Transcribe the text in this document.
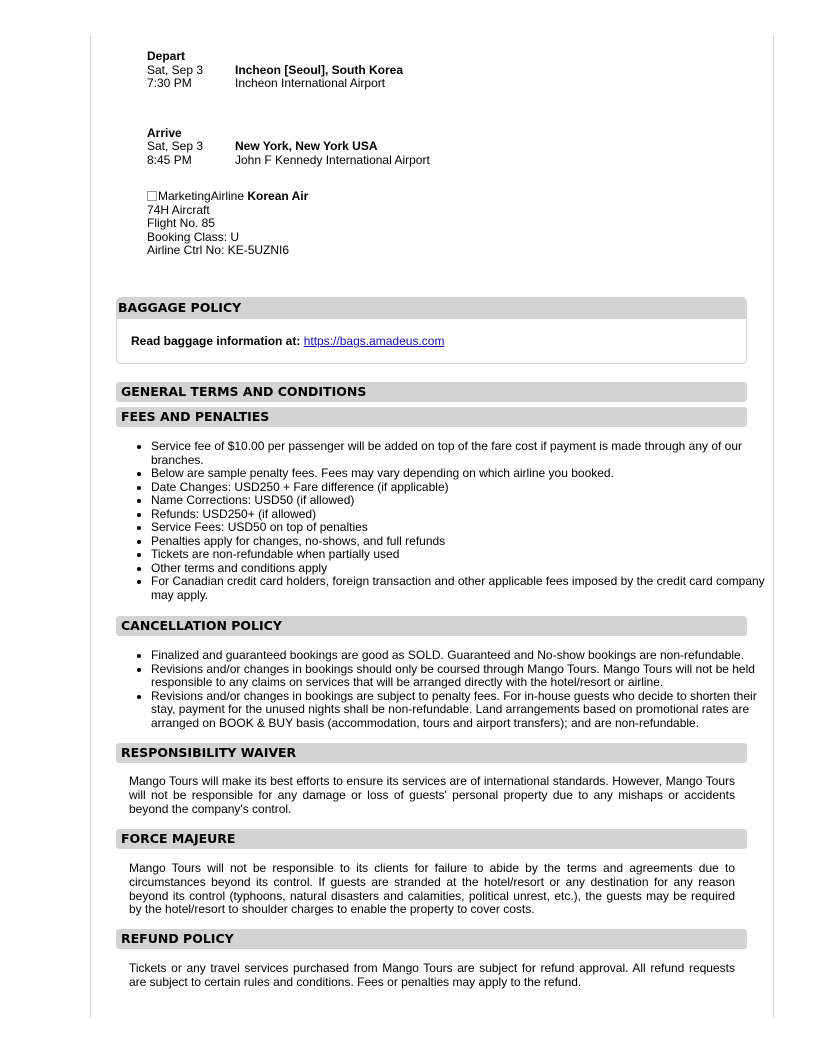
Depart
Sat, Sep 3
7:30 PM
Incheon [Seoul], South Korea
Incheon International Airport
Arrive
Sat, Sep 3
8:45 PM
New York, New York USA
John F Kennedy International Airport
MarketingAirline Korean Air
74H Aircraft
Flight No. 85
Booking Class: U
Airline Ctrl No: KE-5UZNI6
BAGGAGE POLICY
Read baggage information at: https://bags.amadeus.com
GENERAL TERMS AND CONDITIONS
FEES AND PENALTIES
• Service fee of $10.00 per passenger will be added on top of the fare cost if payment is made through any of our branches.
• Below are sample penalty fees. Fees may vary depending on which airline you booked.
• Date Changes: USD250 + Fare difference (if applicable)
• Name Corrections: USD50 (if allowed)
• Refunds: USD250+ (if allowed)
• Service Fees: USD50 on top of penalties
• Penalties apply for changes, no-shows, and full refunds
• Tickets are non-refundable when partially used
• Other terms and conditions apply
• For Canadian credit card holders, foreign transaction and other applicable fees imposed by the credit card company may apply.
CANCELLATION POLICY
• Finalized and guaranteed bookings are good as SOLD. Guaranteed and No-show bookings are non-refundable.
• Revisions and/or changes in bookings should only be coursed through Mango Tours. Mango Tours will not be held responsible to any claims on services that will be arranged directly with the hotel/resort or airline.
• Revisions and/or changes in bookings are subject to penalty fees. For in-house guests who decide to shorten their stay, payment for the unused nights shall be non-refundable. Land arrangements based on promotional rates are arranged on BOOK & BUY basis (accommodation, tours and airport transfers); and are non-refundable.
RESPONSIBILITY WAIVER
Mango Tours will make its best efforts to ensure its services are of international standards. However, Mango Tours will not be responsible for any damage or loss of guests' personal property due to any mishaps or accidents beyond the company's control.
FORCE MAJEURE
Mango Tours will not be responsible to its clients for failure to abide by the terms and agreements due to circumstances beyond its control. If guests are stranded at the hotel/resort or any destination for any reason beyond its control (typhoons, natural disasters and calamities, political unrest, etc.), the guests may be required by the hotel/resort to shoulder charges to enable the property to cover costs.
REFUND POLICY
Tickets or any travel services purchased from Mango Tours are subject for refund approval. All refund requests are subject to certain rules and conditions. Fees or penalties may apply to the refund.
